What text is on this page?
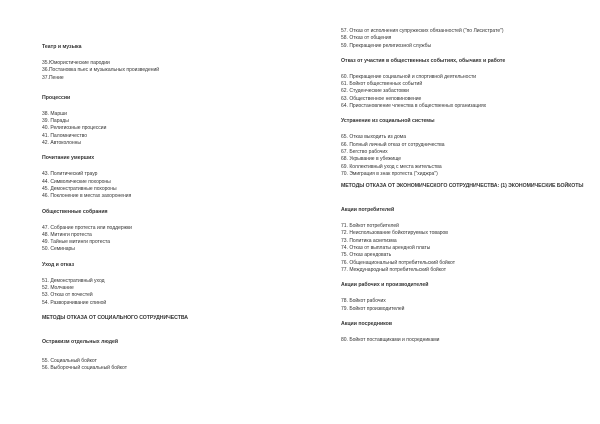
Театр и музыка

35.Юмористические пародии

36.Постановка пьес и музыкальных произведений

37.Пение

Процессии

38. Марши

39. Парады

40. Религиозные процессии

41. Паломничество

42. Автоколонны

Почитание умерших

43. Политический траур

44. Символические похороны

45. Демонстративные похороны

46. Поклонение в местах захоронения

Общественные собрания

47. Собрание протеста или поддержки

48. Митинги протеста

49. Тайные митинги протеста

50. Семинары

Уход и отказ

51. Демонстративный уход

52. Молчание

53. Отказ от почестей

54. Разворачивание спиной

МЕТОДЫ ОТКАЗА ОТ СОЦИАЛЬНОГО СОТРУДНИЧЕСТВА

Остракизм отдельных людей

55. Социальный бойкот

56. Выборочный социальный бойкот

57. Отказ от исполнения супружеских обязанностей ("по Лисистрате")

58. Отказ от общения

59. Прекращение религиозной службы

Отказ от участия в общественных событиях, обычаях и работе

60. Прекращение социальной и спортивной деятельности

61. Бойкот общественных событий

62. Студенческие забастовки

63. Общественное неповиновение

64. Приостановление членства в общественных организациях

Устранение из социальной системы

65. Отказ выходить из дома

66. Полный личный отказ от сотрудничества

67. Бегство рабочих

68. Укрывание в убежище

69. Коллективный уход с места жительства

70. Эмиграция в знак протеста ("хиджра")

МЕТОДЫ ОТКАЗА ОТ ЭКОНОМИЧЕСКОГО СОТРУДНИЧЕСТВА: (1) ЭКОНОМИЧЕСКИЕ БОЙКОТЫ

Акции потребителей

71. Бойкот потребителей

72. Неиспользование бойкотируемых товаров

73. Политика аскетизма

74. Отказ от выплаты арендной платы

75. Отказ арендовать

76. Общенациональный потребительский бойкот

77. Международный потребительский бойкот

Акции рабочих и производителей

78. Бойкот рабочих

79. Бойкот производителей

Акции посредников

80. Бойкот поставщиками и посредниками
